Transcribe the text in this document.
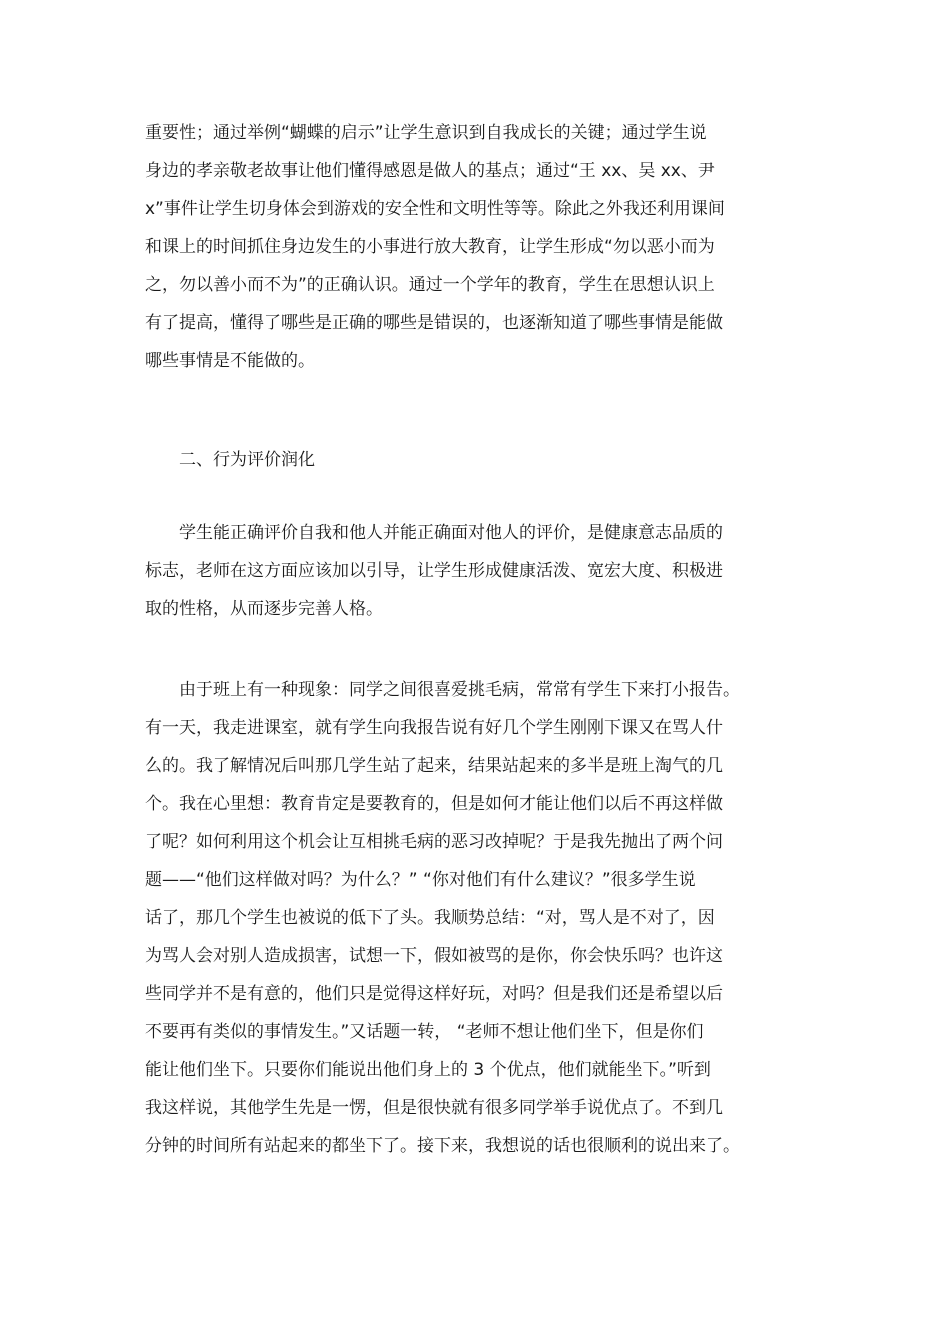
重要性；通过举例“蝴蝶的启示”让学生意识到自我成长的关键；通过学生说
身边的孝亲敬老故事让他们懂得感恩是做人的基点；通过“王 xx、吴 xx、尹
x”事件让学生切身体会到游戏的安全性和文明性等等。除此之外我还利用课间
和课上的时间抓住身边发生的小事进行放大教育，让学生形成“勿以恶小而为
之，勿以善小而不为”的正确认识。通过一个学年的教育，学生在思想认识上
有了提高，懂得了哪些是正确的哪些是错误的，也逐渐知道了哪些事情是能做
哪些事情是不能做的。
二、行为评价润化
学生能正确评价自我和他人并能正确面对他人的评价，是健康意志品质的
标志，老师在这方面应该加以引导，让学生形成健康活泼、宽宏大度、积极进
取的性格，从而逐步完善人格。
由于班上有一种现象：同学之间很喜爱挑毛病，常常有学生下来打小报告。
有一天，我走进课室，就有学生向我报告说有好几个学生刚刚下课又在骂人什
么的。我了解情况后叫那几学生站了起来，结果站起来的多半是班上淘气的几
个。我在心里想：教育肯定是要教育的，但是如何才能让他们以后不再这样做
了呢？如何利用这个机会让互相挑毛病的恶习改掉呢？于是我先抛出了两个问
题——“他们这样做对吗？为什么？” “你对他们有什么建议？”很多学生说
话了，那几个学生也被说的低下了头。我顺势总结：“对，骂人是不对了，因
为骂人会对别人造成损害，试想一下，假如被骂的是你，你会快乐吗？也许这
些同学并不是有意的，他们只是觉得这样好玩，对吗？但是我们还是希望以后
不要再有类似的事情发生。”又话题一转， “老师不想让他们坐下，但是你们
能让他们坐下。只要你们能说出他们身上的 3 个优点，他们就能坐下。”听到
我这样说，其他学生先是一愣，但是很快就有很多同学举手说优点了。不到几
分钟的时间所有站起来的都坐下了。接下来，我想说的话也很顺利的说出来了。
